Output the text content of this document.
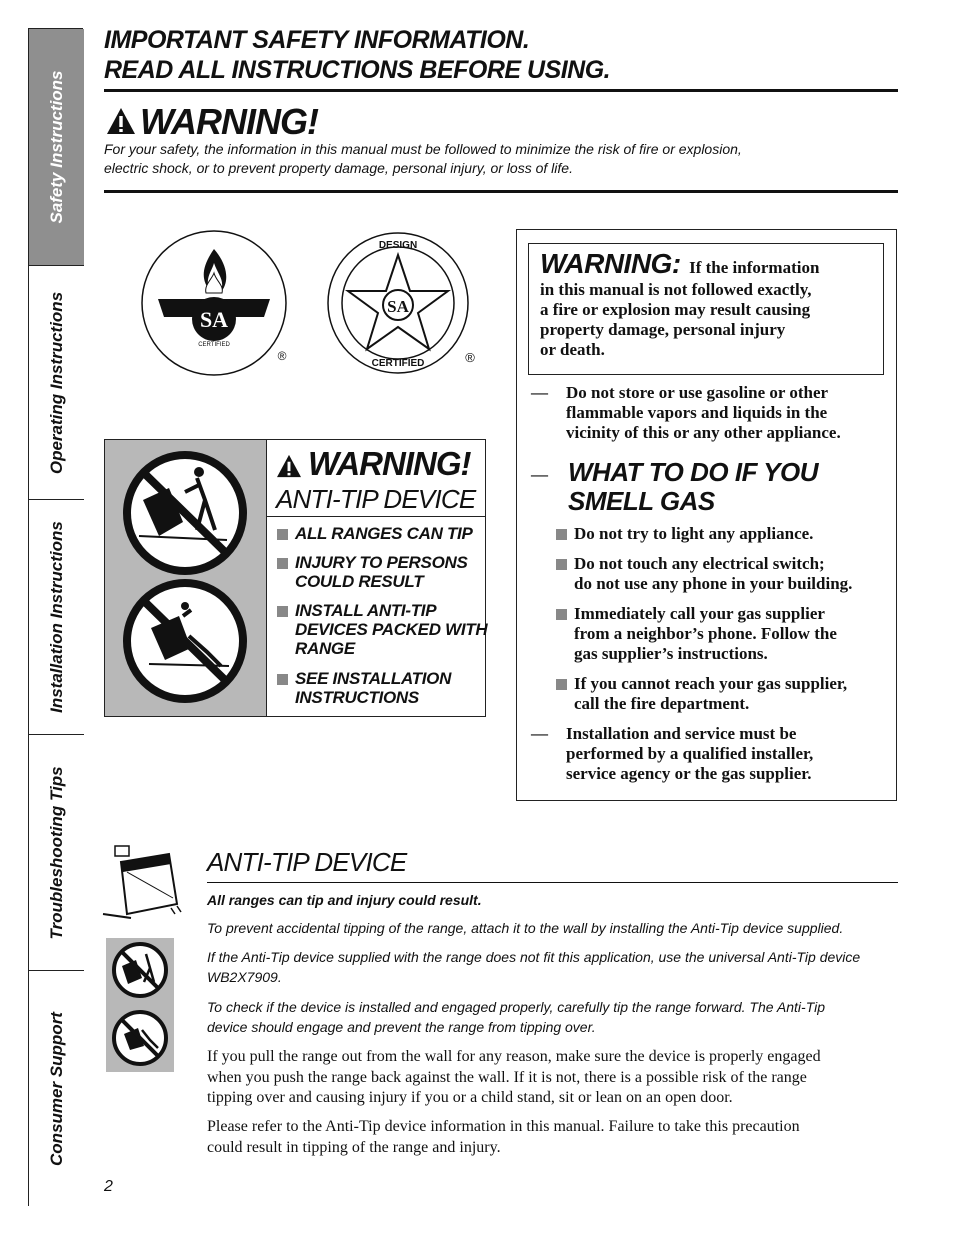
Safety Instructions
Operating Instructions
Installation Instructions
Troubleshooting Tips
Consumer Support
IMPORTANT SAFETY INFORMATION.
READ ALL INSTRUCTIONS BEFORE USING.
WARNING!
For your safety, the information in this manual must be followed to minimize the risk of fire or explosion,
electric shock, or to prevent property damage, personal injury, or loss of life.
SA
CERTIFIED
®
SA
DESIGN
CERTIFIED	®
WARNING: If the information
in this manual is not followed exactly,
a fire or explosion may result causing
property damage, personal injury
or death.
— Do not store or use gasoline or other
flammable vapors and liquids in the
vicinity of this or any other appliance.
— WHAT TO DO IF YOU
SMELL GAS
Do not try to light any appliance.
Do not touch any electrical switch;
do not use any phone in your building.
Immediately call your gas supplier
from a neighbor’s phone. Follow the
gas supplier’s instructions.
If you cannot reach your gas supplier,
call the fire department.
— Installation and service must be
performed by a qualified installer,
service agency or the gas supplier.
WARNING!
ANTI-TIP DEVICE
ALL RANGES CAN TIP
INJURY TO PERSONS
COULD RESULT
INSTALL ANTI-TIP
DEVICES PACKED WITH
RANGE
SEE INSTALLATION
INSTRUCTIONS
ANTI-TIP DEVICE
All ranges can tip and injury could result.
To prevent accidental tipping of the range, attach it to the wall by installing the Anti-Tip device supplied.
If the Anti-Tip device supplied with the range does not fit this application, use the universal Anti-Tip device
WB2X7909.
To check if the device is installed and engaged properly, carefully tip the range forward. The Anti-Tip
device should engage and prevent the range from tipping over.
If you pull the range out from the wall for any reason, make sure the device is properly engaged
when you push the range back against the wall. If it is not, there is a possible risk of the range
tipping over and causing injury if you or a child stand, sit or lean on an open door.
Please refer to the Anti-Tip device information in this manual. Failure to take this precaution
could result in tipping of the range and injury.
2
